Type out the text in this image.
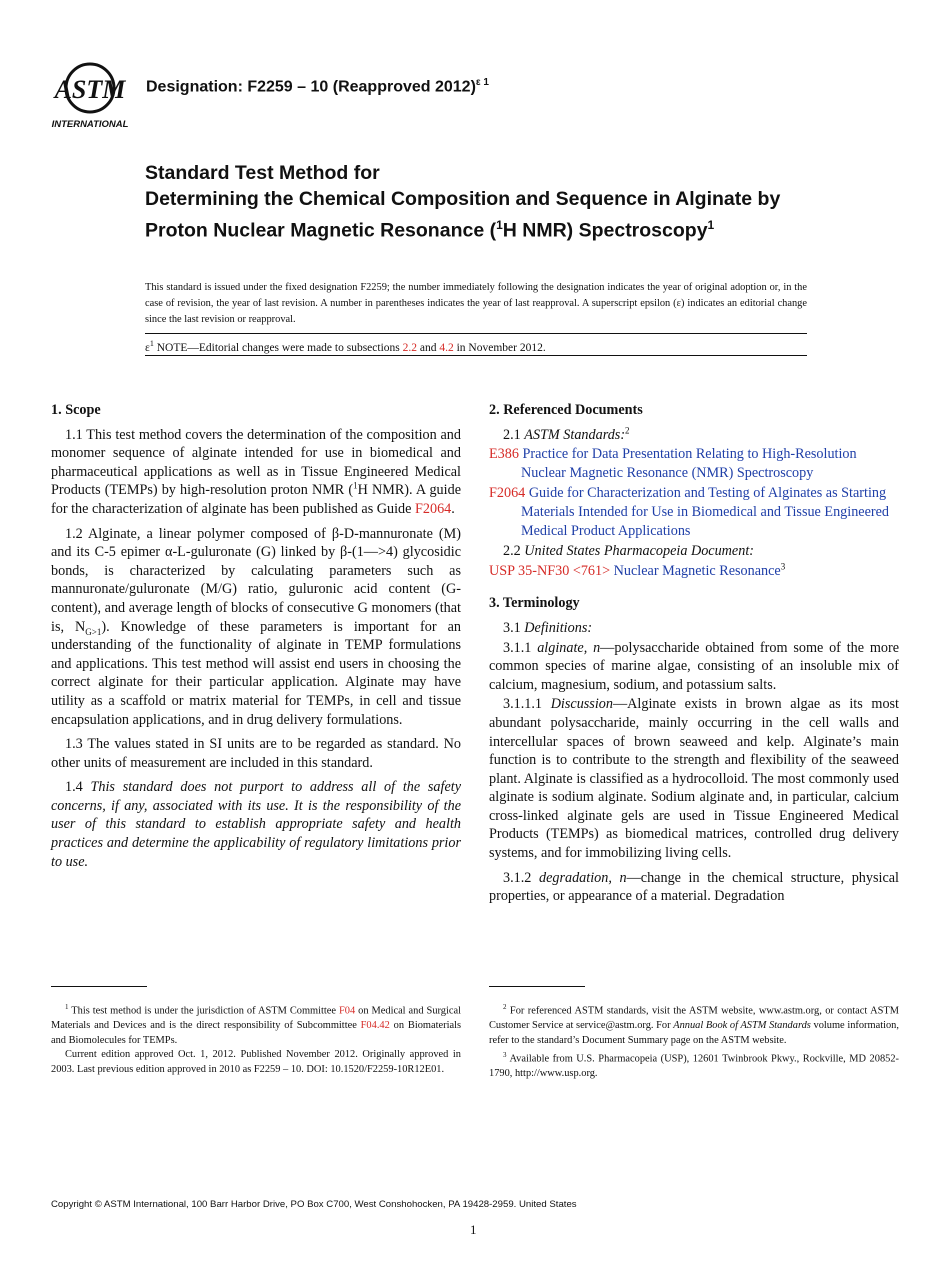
ASTM
INTERNATIONAL
Designation: F2259 – 10 (Reapproved 2012)$^{\varepsilon 1}$
Standard Test Method for
Determining the Chemical Composition and Sequence in Alginate by Proton Nuclear Magnetic Resonance ($^1$H NMR) Spectroscopy$^1$
This standard is issued under the fixed designation F2259; the number immediately following the designation indicates the year of original adoption or, in the case of revision, the year of last revision. A number in parentheses indicates the year of last reapproval. A superscript epsilon (ε) indicates an editorial change since the last revision or reapproval.
$\varepsilon^1$ NOTE—Editorial changes were made to subsections 2.2 and 4.2 in November 2012.
1. Scope

1.1 This test method covers the determination of the composition and monomer sequence of alginate intended for use in biomedical and pharmaceutical applications as well as in Tissue Engineered Medical Products (TEMPs) by high-resolution proton NMR ($^1$H NMR). A guide for the characterization of alginate has been published as Guide F2064.

1.2 Alginate, a linear polymer composed of β-D-mannuronate (M) and its C-5 epimer α-L-guluronate (G) linked by β-(1—>4) glycosidic bonds, is characterized by calculating parameters such as mannuronate/guluronate (M/G) ratio, guluronic acid content (G-content), and average length of blocks of consecutive G monomers (that is, $N_{G>1}$). Knowledge of these parameters is important for an understanding of the functionality of alginate in TEMP formulations and applications. This test method will assist end users in choosing the correct alginate for their particular application. Alginate may have utility as a scaffold or matrix material for TEMPs, in cell and tissue encapsulation applications, and in drug delivery formulations.

1.3 The values stated in SI units are to be regarded as standard. No other units of measurement are included in this standard.

1.4 This standard does not purport to address all of the safety concerns, if any, associated with its use. It is the responsibility of the user of this standard to establish appropriate safety and health practices and determine the applicability of regulatory limitations prior to use.

2. Referenced Documents

2.1 ASTM Standards:$^2$

E386 Practice for Data Presentation Relating to High-Resolution Nuclear Magnetic Resonance (NMR) Spectroscopy
F2064 Guide for Characterization and Testing of Alginates as Starting Materials Intended for Use in Biomedical and Tissue Engineered Medical Product Applications

2.2 United States Pharmacopeia Document:

USP 35-NF30 <761> Nuclear Magnetic Resonance$^3$
3. Terminology

3.1 Definitions:

3.1.1 alginate, n—polysaccharide obtained from some of the more common species of marine algae, consisting of an insoluble mix of calcium, magnesium, sodium, and potassium salts.

3.1.1.1 Discussion—Alginate exists in brown algae as its most abundant polysaccharide, mainly occurring in the cell walls and intercellular spaces of brown seaweed and kelp. Alginate’s main function is to contribute to the strength and flexibility of the seaweed plant. Alginate is classified as a hydrocolloid. The most commonly used alginate is sodium alginate. Sodium alginate and, in particular, calcium cross-linked alginate gels are used in Tissue Engineered Medical Products (TEMPs) as biomedical matrices, controlled drug delivery systems, and for immobilizing living cells.

3.1.2 degradation, n—change in the chemical structure, physical properties, or appearance of a material. Degradation

$^1$ This test method is under the jurisdiction of ASTM Committee F04 on Medical and Surgical Materials and Devices and is the direct responsibility of Subcommittee F04.42 on Biomaterials and Biomolecules for TEMPs.

Current edition approved Oct. 1, 2012. Published November 2012. Originally approved in 2003. Last previous edition approved in 2010 as F2259 – 10. DOI: 10.1520/F2259-10R12E01.

$^2$ For referenced ASTM standards, visit the ASTM website, www.astm.org, or contact ASTM Customer Service at service@astm.org. For Annual Book of ASTM Standards volume information, refer to the standard’s Document Summary page on the ASTM website.

$^3$ Available from U.S. Pharmacopeia (USP), 12601 Twinbrook Pkwy., Rockville, MD 20852-1790, http://www.usp.org.

Copyright © ASTM International, 100 Barr Harbor Drive, PO Box C700, West Conshohocken, PA 19428-2959. United States
1
